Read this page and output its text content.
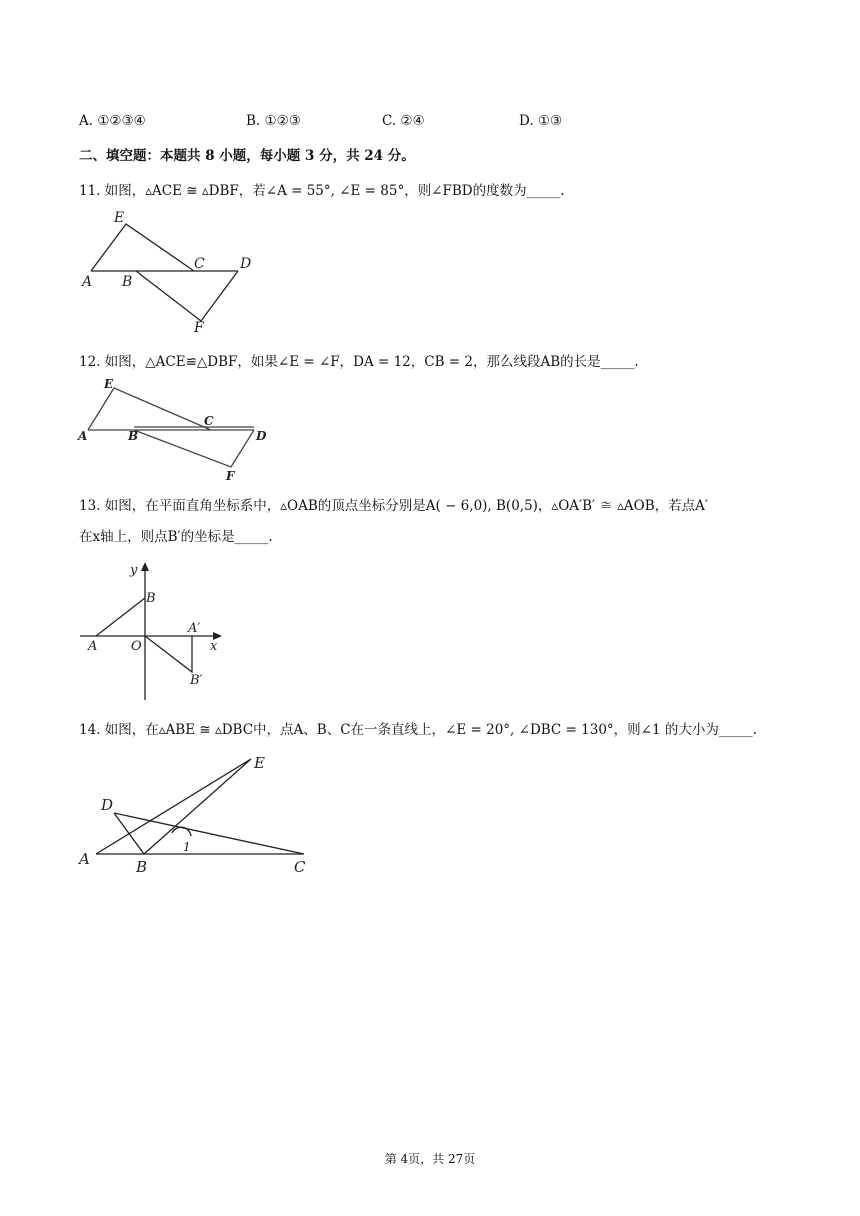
A. ①②③④	B. ①②③	C. ②④	D. ①③
二、填空题：本题共 8 小题，每小题 3 分，共 24 分。
11. 如图，▵ACE ≅ ▵DBF，若∠A = 55°, ∠E = 85°，则∠FBD的度数为_____.
E
C	D
A B
F
12. 如图，△ACE≌△DBF，如果∠E = ∠F，DA = 12，CB = 2，那么线段AB的长是_____.
E
C
A	B	D
F
13. 如图，在平面直角坐标系中，▵OAB的顶点坐标分别是A( − 6,0), B(0,5)，▵OA′B′ ≅ ▵AOB，若点A′
在x轴上，则点B′的坐标是_____.
y
B
A′
A	O	x
B′
14. 如图，在▵ABE ≅ ▵DBC中，点A、B、C在一条直线上，∠E = 20°, ∠DBC = 130°，则∠1 的大小为_____.
E
D
A	B
1
C
第 4页，共 27页
